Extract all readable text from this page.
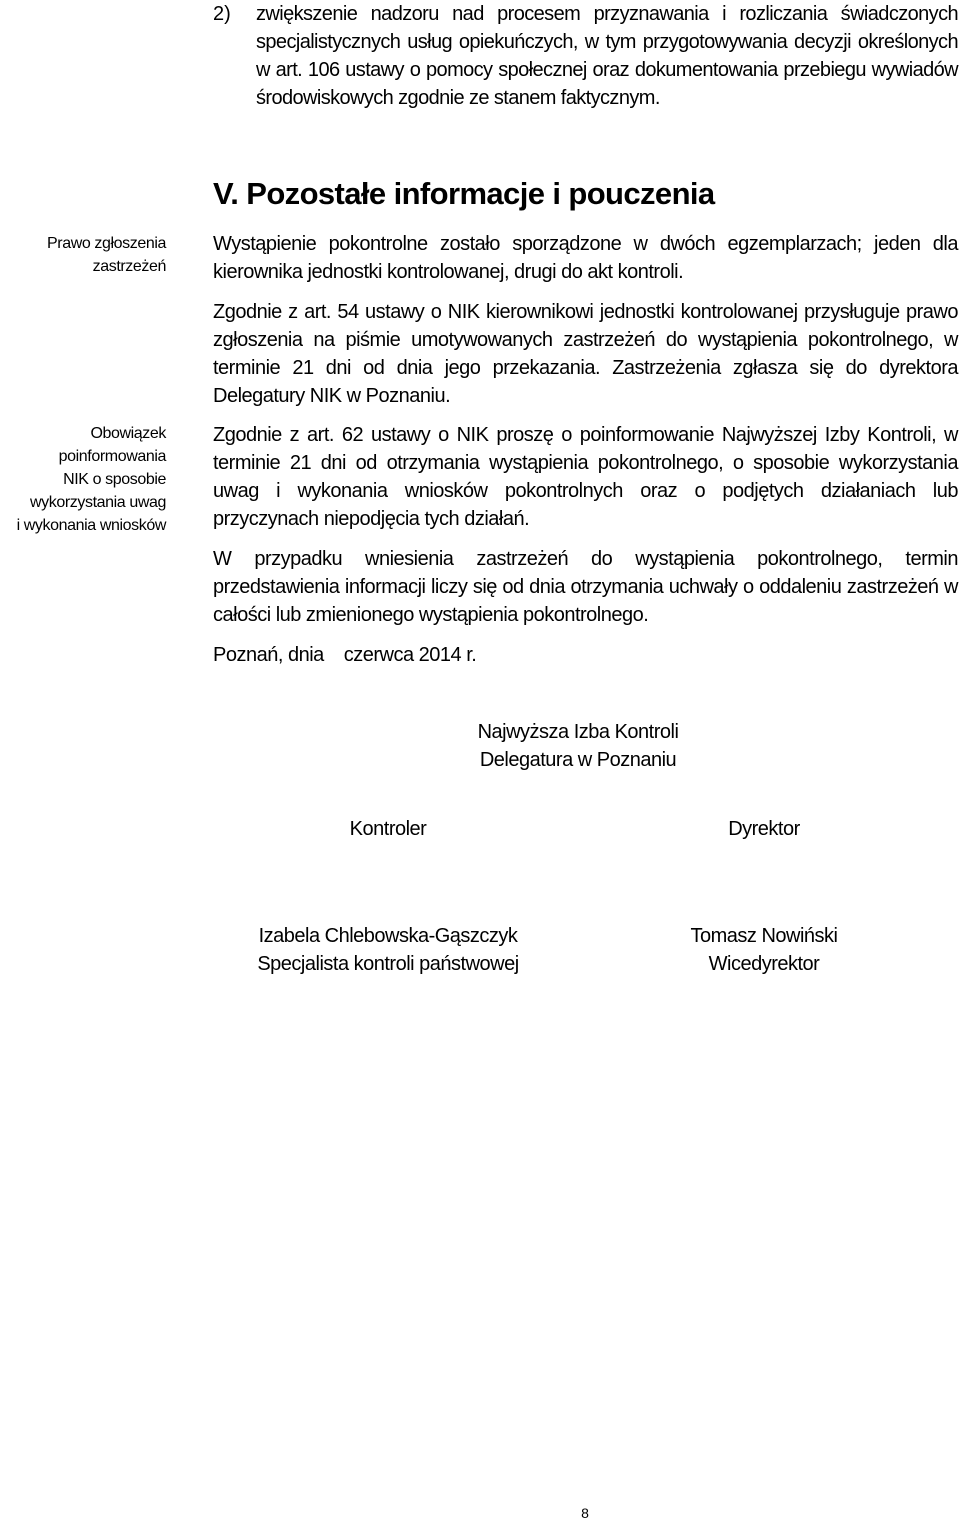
2)	zwiększenie nadzoru nad procesem przyznawania i rozliczania świadczonych specjalistycznych usług opiekuńczych, w tym przygotowywania decyzji określonych w art. 106 ustawy o pomocy społecznej oraz dokumentowania przebiegu wywiadów środowiskowych zgodnie ze stanem faktycznym.
V. Pozostałe informacje i pouczenia
Prawo zgłoszenia
zastrzeżeń
Obowiązek
poinformowania
NIK o sposobie
wykorzystania uwag
i wykonania wniosków
Wystąpienie pokontrolne zostało sporządzone w dwóch egzemplarzach; jeden dla kierownika jednostki kontrolowanej, drugi do akt kontroli.
Zgodnie z art. 54 ustawy o NIK kierownikowi jednostki kontrolowanej przysługuje prawo zgłoszenia na piśmie umotywowanych zastrzeżeń do wystąpienia pokontrolnego, w terminie 21 dni od dnia jego przekazania. Zastrzeżenia zgłasza się do dyrektora Delegatury NIK w Poznaniu.
Zgodnie z art. 62 ustawy o NIK proszę o poinformowanie Najwyższej Izby Kontroli, w terminie 21 dni od otrzymania wystąpienia pokontrolnego, o sposobie wykorzystania uwag i wykonania wniosków pokontrolnych oraz o podjętych działaniach lub przyczynach niepodjęcia tych działań.
W przypadku wniesienia zastrzeżeń do wystąpienia pokontrolnego, termin przedstawienia informacji liczy się od dnia otrzymania uchwały o oddaleniu zastrzeżeń w całości lub zmienionego wystąpienia pokontrolnego.
Poznań, dnia czerwca 2014 r.
Najwyższa Izba Kontroli
Delegatura w Poznaniu
Kontroler	Dyrektor
Izabela Chlebowska-Gąszczyk
Specjalista kontroli państwowej
Tomasz Nowiński
Wicedyrektor
8
